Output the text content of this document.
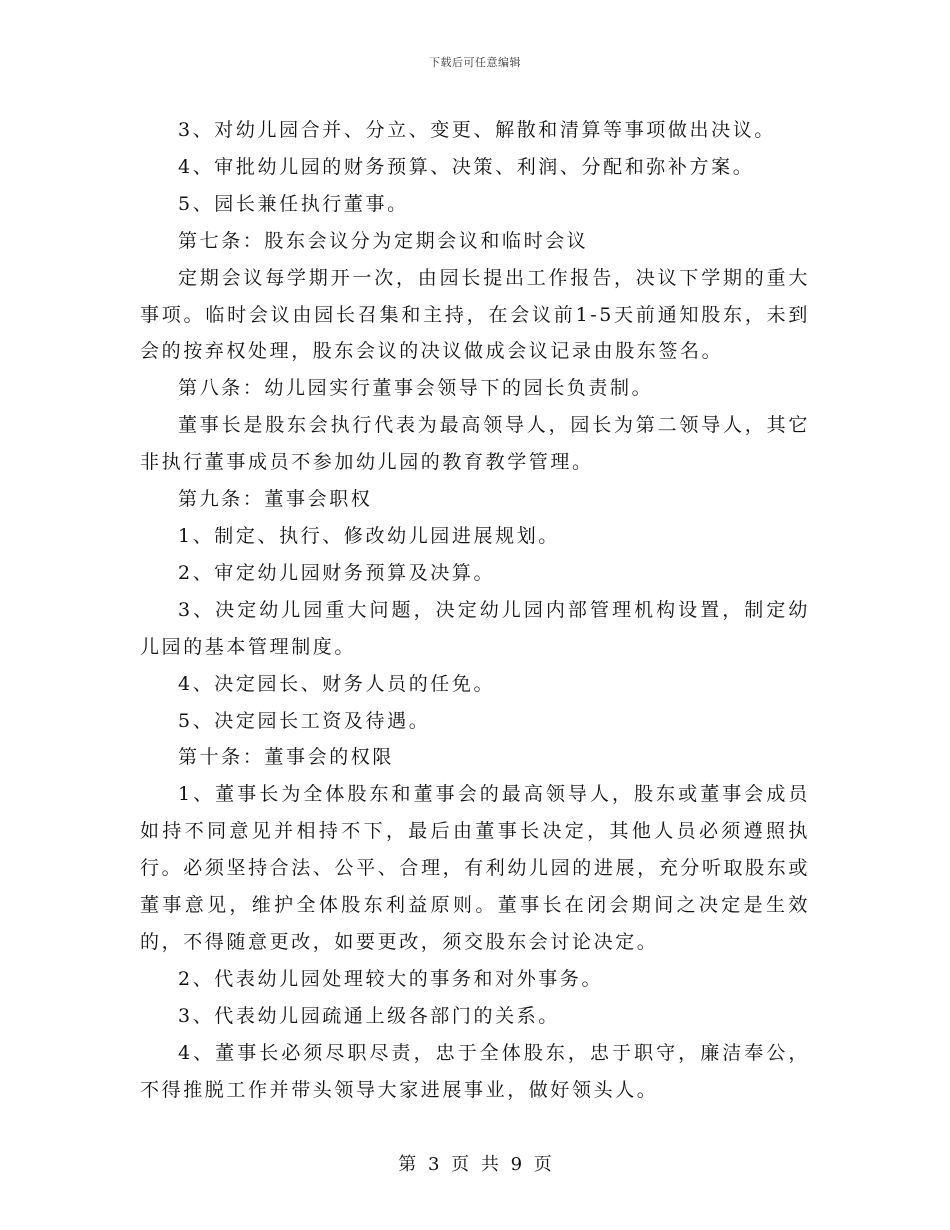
下载后可任意编辑

3、对幼儿园合并、分立、变更、解散和清算等事项做出决议。

4、审批幼儿园的财务预算、决策、利润、分配和弥补方案。

5、园长兼任执行董事。

第七条：股东会议分为定期会议和临时会议

定期会议每学期开一次，由园长提出工作报告，决议下学期的重大事项。临时会议由园长召集和主持，在会议前1-5天前通知股东，未到会的按弃权处理，股东会议的决议做成会议记录由股东签名。

第八条：幼儿园实行董事会领导下的园长负责制。

董事长是股东会执行代表为最高领导人，园长为第二领导人，其它非执行董事成员不参加幼儿园的教育教学管理。

第九条：董事会职权

1、制定、执行、修改幼儿园进展规划。

2、审定幼儿园财务预算及决算。

3、决定幼儿园重大问题，决定幼儿园内部管理机构设置，制定幼儿园的基本管理制度。

4、决定园长、财务人员的任免。

5、决定园长工资及待遇。

第十条：董事会的权限

1、董事长为全体股东和董事会的最高领导人，股东或董事会成员如持不同意见并相持不下，最后由董事长决定，其他人员必须遵照执行。必须坚持合法、公平、合理，有利幼儿园的进展，充分听取股东或董事意见，维护全体股东利益原则。董事长在闭会期间之决定是生效的，不得随意更改，如要更改，须交股东会讨论决定。

2、代表幼儿园处理较大的事务和对外事务。

3、代表幼儿园疏通上级各部门的关系。

4、董事长必须尽职尽责，忠于全体股东，忠于职守，廉洁奉公，不得推脱工作并带头领导大家进展事业，做好领头人。

第 3 页 共 9 页
